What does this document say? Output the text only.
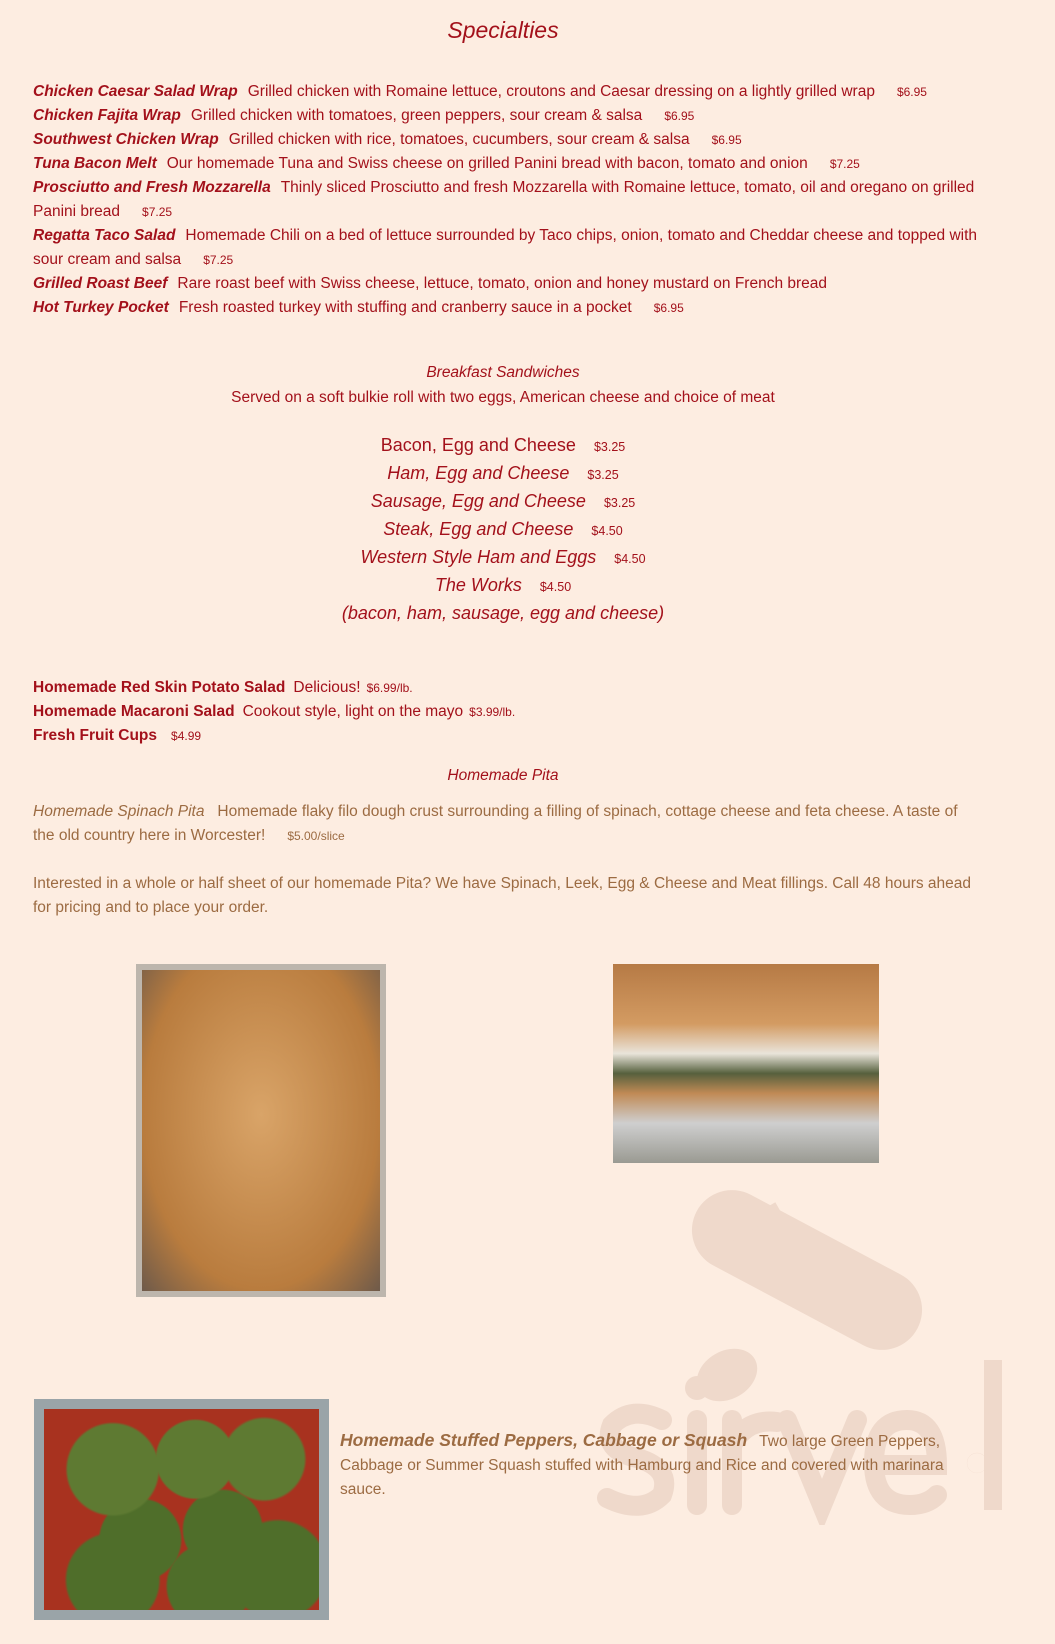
Specialties
Chicken Caesar Salad Wrap Grilled chicken with Romaine lettuce, croutons and Caesar dressing on a lightly grilled wrap $6.95
Chicken Fajita Wrap Grilled chicken with tomatoes, green peppers, sour cream & salsa $6.95
Southwest Chicken Wrap Grilled chicken with rice, tomatoes, cucumbers, sour cream & salsa $6.95
Tuna Bacon Melt Our homemade Tuna and Swiss cheese on grilled Panini bread with bacon, tomato and onion $7.25
Prosciutto and Fresh Mozzarella Thinly sliced Prosciutto and fresh Mozzarella with Romaine lettuce, tomato, oil and oregano on grilled Panini bread $7.25
Regatta Taco Salad Homemade Chili on a bed of lettuce surrounded by Taco chips, onion, tomato and Cheddar cheese and topped with sour cream and salsa $7.25
Grilled Roast Beef Rare roast beef with Swiss cheese, lettuce, tomato, onion and honey mustard on French bread
Hot Turkey Pocket Fresh roasted turkey with stuffing and cranberry sauce in a pocket $6.95
Breakfast Sandwiches
Served on a soft bulkie roll with two eggs, American cheese and choice of meat
Bacon, Egg and Cheese $3.25
Ham, Egg and Cheese $3.25
Sausage, Egg and Cheese $3.25
Steak, Egg and Cheese $4.50
Western Style Ham and Eggs $4.50
The Works $4.50
(bacon, ham, sausage, egg and cheese)
Homemade Red Skin Potato Salad Delicious! $6.99/lb.
Homemade Macaroni Salad Cookout style, light on the mayo $3.99/lb.
Fresh Fruit Cups $4.99
Homemade Pita

Homemade Spinach Pita Homemade flaky filo dough crust surrounding a filling of spinach, cottage cheese and feta cheese. A taste of the old country here in Worcester! $5.00/slice

Interested in a whole or half sheet of our homemade Pita? We have Spinach, Leek, Egg & Cheese and Meat fillings. Call 48 hours ahead for pricing and to place your order.

Homemade Stuffed Peppers, Cabbage or Squash Two large Green Peppers, Cabbage or Summer Squash stuffed with Hamburg and Rice and covered with marinara sauce.
